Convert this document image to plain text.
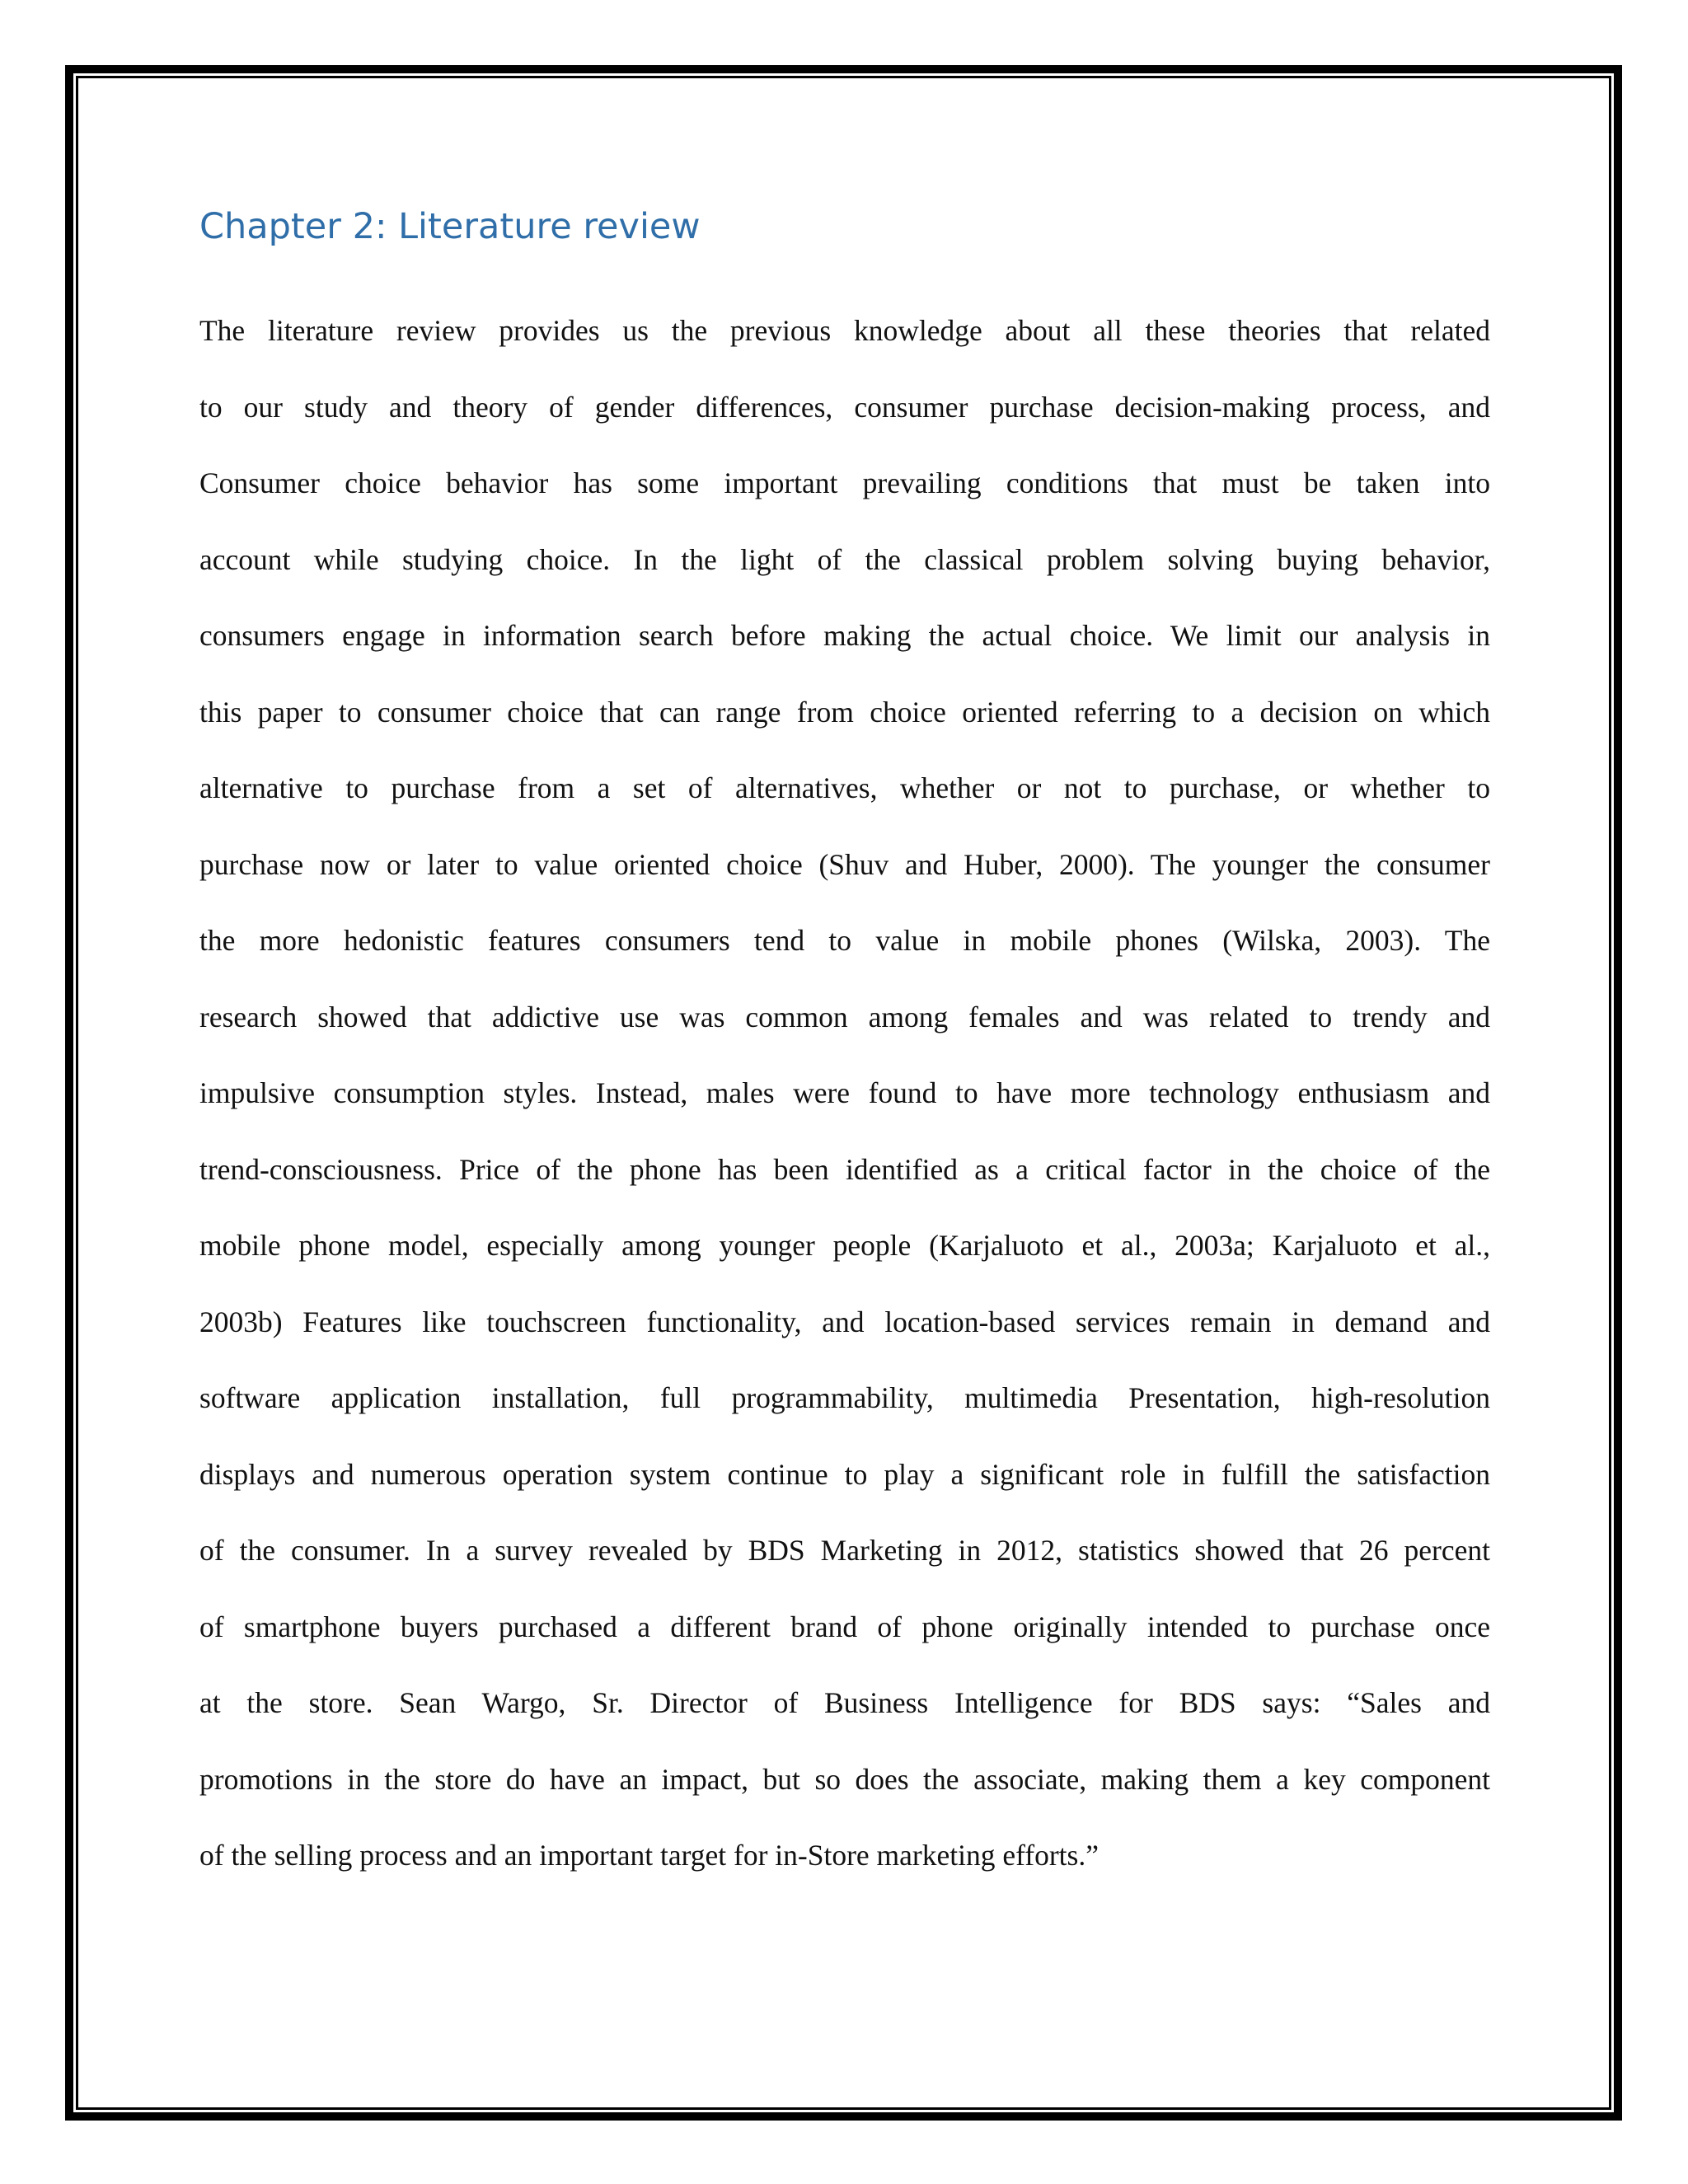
Chapter 2: Literature review
The literature review provides us the previous knowledge about all these theories that related
to our study and theory of gender differences, consumer purchase decision-making process, and
Consumer choice behavior has some important prevailing conditions that must be taken into
account while studying choice. In the light of the classical problem solving buying behavior,
consumers engage in information search before making the actual choice. We limit our analysis in
this paper to consumer choice that can range from choice oriented referring to a decision on which
alternative to purchase from a set of alternatives, whether or not to purchase, or whether to
purchase now or later to value oriented choice (Shuv and Huber, 2000). The younger the consumer
the more hedonistic features consumers tend to value in mobile phones (Wilska, 2003). The
research showed that addictive use was common among females and was related to trendy and
impulsive consumption styles. Instead, males were found to have more technology enthusiasm and
trend-consciousness. Price of the phone has been identified as a critical factor in the choice of the
mobile phone model, especially among younger people (Karjaluoto et al., 2003a; Karjaluoto et al.,
2003b) Features like touchscreen functionality, and location-based services remain in demand and
software application installation, full programmability, multimedia Presentation, high-resolution
displays and numerous operation system continue to play a significant role in fulfill the satisfaction
of the consumer. In a survey revealed by BDS Marketing in 2012, statistics showed that 26 percent
of smartphone buyers purchased a different brand of phone originally intended to purchase once
at the store. Sean Wargo, Sr. Director of Business Intelligence for BDS says: “Sales and
promotions in the store do have an impact, but so does the associate, making them a key component
of the selling process and an important target for in-Store marketing efforts.”
